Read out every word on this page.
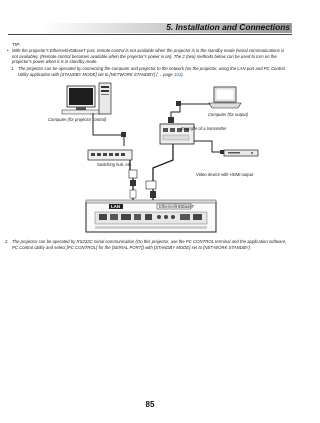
5. Installation and Connections
TIP:
• With the projector's Ethernet/HDBaseT port, remote control is not available when the projector is in the standby mode (serial communications is not available). (Remote control becomes available when the projector's power is on). The 2 (two) methods below can be used to turn on the projector's power when it is in standby mode.
1. The projector can be operated by connecting the computer and projector to the network (on the projector, using the LAN port and PC Control Utility application with [STANDBY MODE] set to [NETWORK STANDBY] (→ page 101).
Computer (for projector control)
Computer (for output)
Example of a transmitter
Video device with HDMI output
Switching hub, etc.
LAN	Ethernet/HDBaseT
2. The projector can be operated by RS232C serial communication (On this projector, use the PC CONTROL terminal and the application software, PC Control Utility and select [PC CONTROL] for the [SERIAL PORT]) with [STANDBY MODE] set to [NET-WORK STANDBY].
85
